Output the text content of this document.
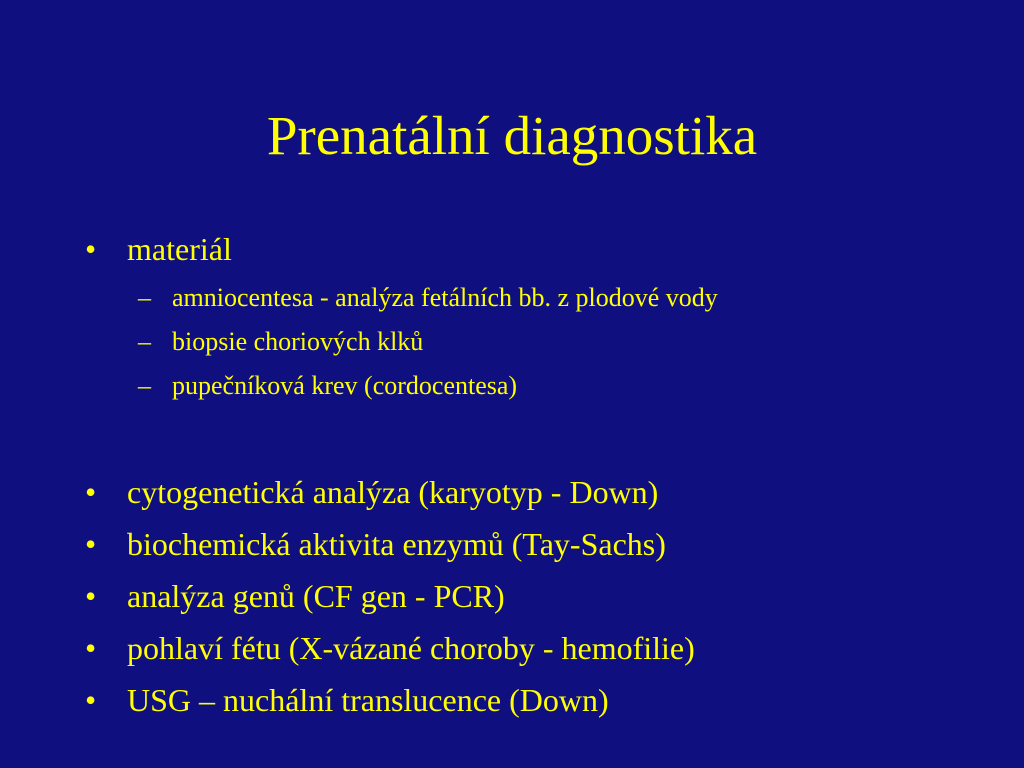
Prenatální diagnostika
• materiál
– amniocentesa - analýza fetálních bb. z plodové vody
– biopsie choriových klků
– pupečníková krev (cordocentesa)
• cytogenetická analýza (karyotyp - Down)
• biochemická aktivita enzymů (Tay-Sachs)
• analýza genů (CF gen - PCR)
• pohlaví fétu (X-vázané choroby - hemofilie)
• USG – nuchální translucence (Down)
